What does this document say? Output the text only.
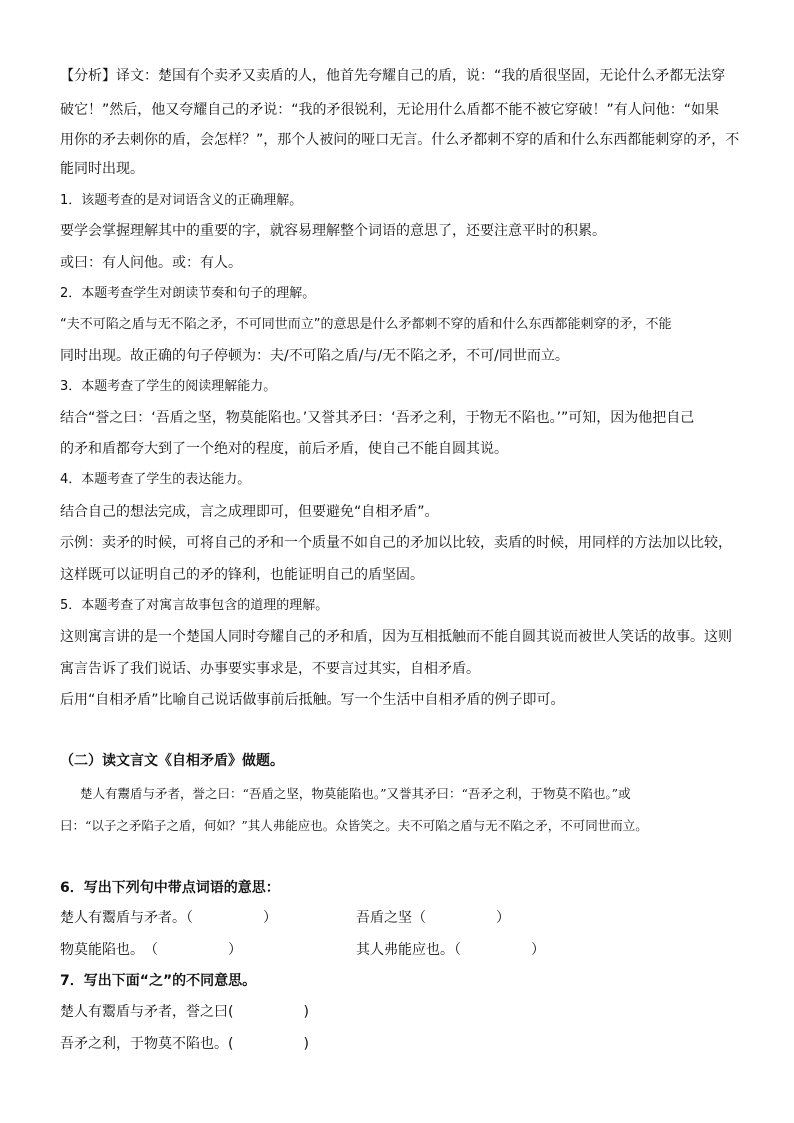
【分析】译文：楚国有个卖矛又卖盾的人，他首先夸耀自己的盾，说：“我的盾很坚固，无论什么矛都无法穿
破它！”然后，他又夸耀自己的矛说：“我的矛很锐利，无论用什么盾都不能不被它穿破！”有人问他：“如果
用你的矛去刺你的盾，会怎样？”，那个人被问的哑口无言。什么矛都刺不穿的盾和什么东西都能刺穿的矛，不
能同时出现。
1．该题考查的是对词语含义的正确理解。
要学会掌握理解其中的重要的字，就容易理解整个词语的意思了，还要注意平时的积累。
或曰：有人问他。或：有人。
2．本题考查学生对朗读节奏和句子的理解。
“夫不可陷之盾与无不陷之矛，不可同世而立”的意思是什么矛都刺不穿的盾和什么东西都能刺穿的矛，不能
同时出现。故正确的句子停顿为：夫/不可陷之盾/与/无不陷之矛，不可/同世而立。
3．本题考查了学生的阅读理解能力。
结合“誉之曰：‘吾盾之坚，物莫能陷也。’又誉其矛曰：‘吾矛之利，于物无不陷也。’”可知，因为他把自己
的矛和盾都夸大到了一个绝对的程度，前后矛盾，使自己不能自圆其说。
4．本题考查了学生的表达能力。
结合自己的想法完成，言之成理即可，但要避免“自相矛盾”。
示例：卖矛的时候，可将自己的矛和一个质量不如自己的矛加以比较，卖盾的时候，用同样的方法加以比较，
这样既可以证明自己的矛的锋利，也能证明自己的盾坚固。
5．本题考查了对寓言故事包含的道理的理解。
这则寓言讲的是一个楚国人同时夸耀自己的矛和盾，因为互相抵触而不能自圆其说而被世人笑话的故事。这则
寓言告诉了我们说话、办事要实事求是，不要言过其实，自相矛盾。
后用“自相矛盾”比喻自己说话做事前后抵触。写一个生活中自相矛盾的例子即可。
（二）读文言文《自相矛盾》做题。
楚人有鬻盾与矛者，誉之曰：“吾盾之坚，物莫能陷也。”又誉其矛曰：“吾矛之利，于物莫不陷也。”或
曰：“以子之矛陷子之盾，何如？”其人弗能应也。众皆笑之。夫不可陷之盾与无不陷之矛，不可同世而立。
6．写出下列句中带点词语的意思：
楚人有鬻盾与矛者。（　　　　　）	吾盾之坚（　　　　　）
物莫能陷也。　（　　　　　）	其人弗能应也。（　　　　　）
7．写出下面“之”的不同意思。
楚人有鬻盾与矛者，誉之曰(　　　　　)
吾矛之利，于物莫不陷也。(　　　　　)
